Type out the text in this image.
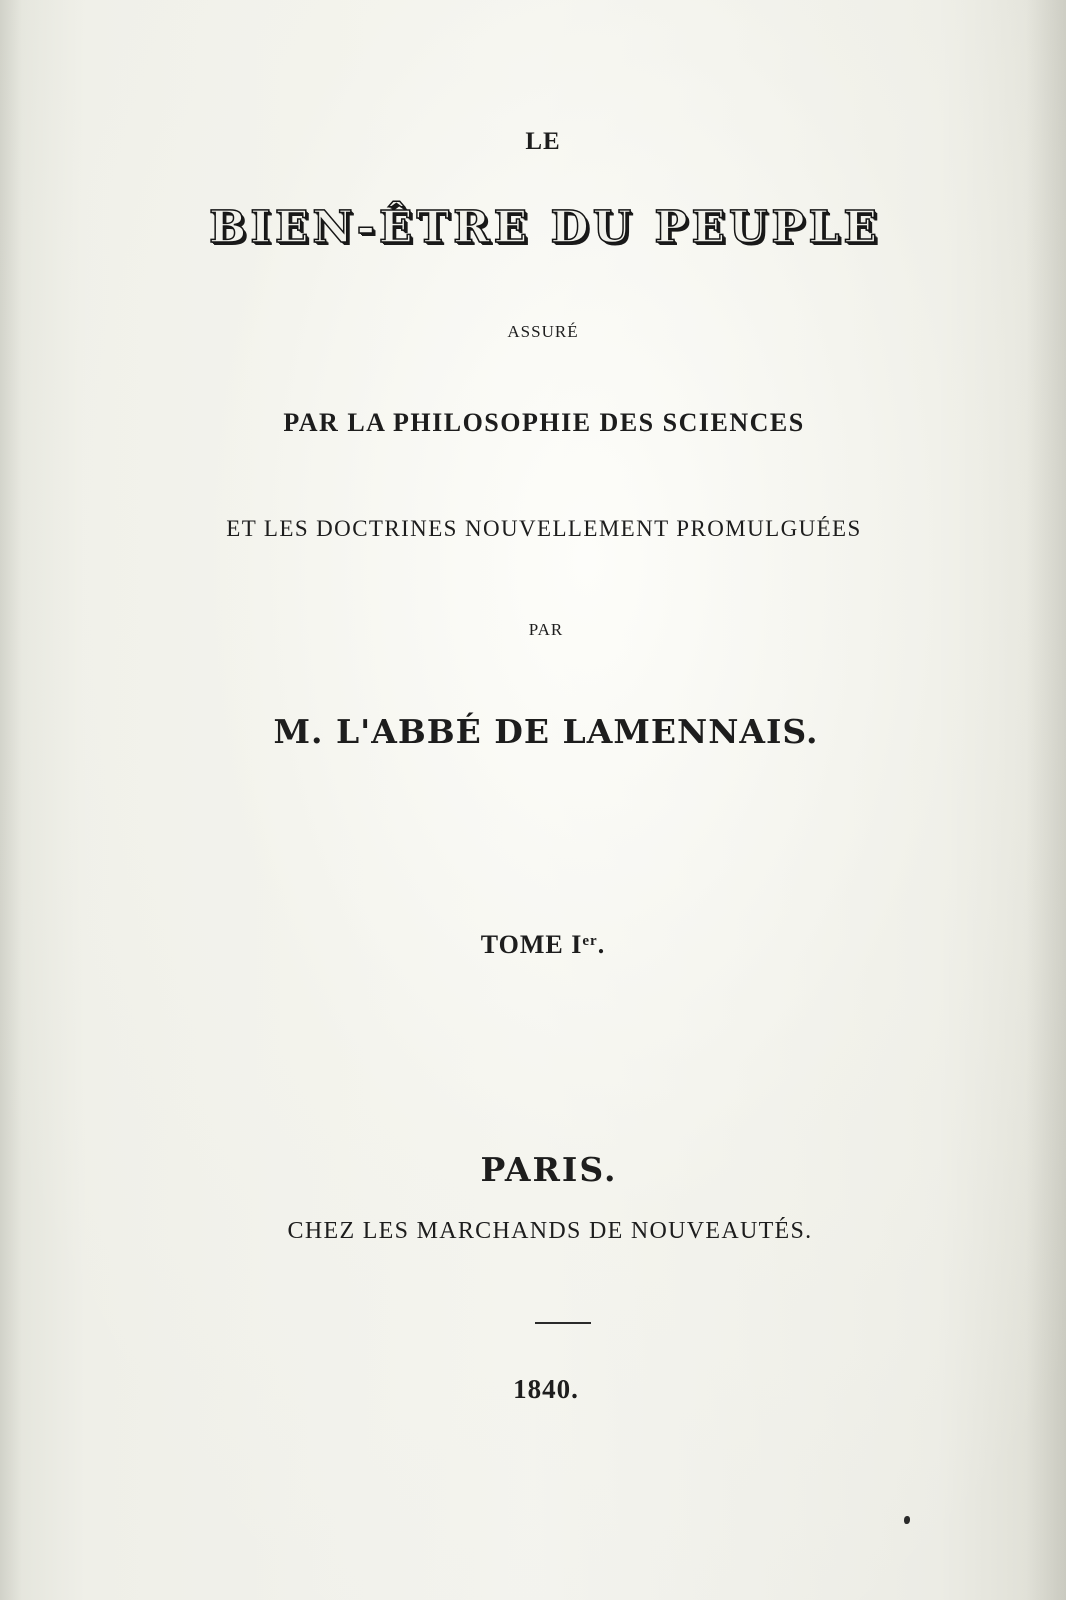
LE
BIEN-ÊTRE DU PEUPLE
ASSURÉ
PAR LA PHILOSOPHIE DES SCIENCES
ET LES DOCTRINES NOUVELLEMENT PROMULGUÉES
PAR
M. L'ABBÉ DE LAMENNAIS.
TOME Ier.
PARIS.
CHEZ LES MARCHANDS DE NOUVEAUTÉS.
1840.
